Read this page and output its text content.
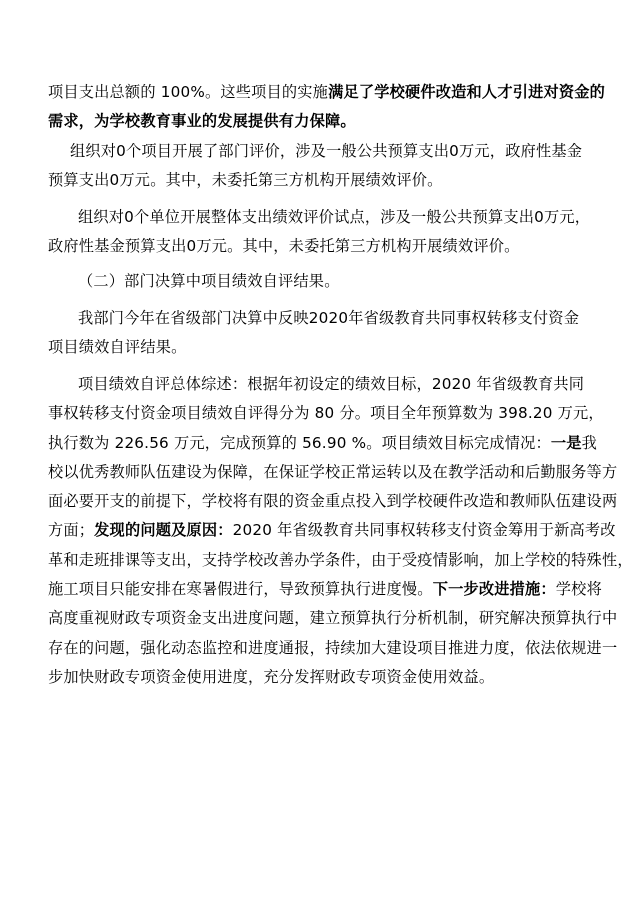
项目支出总额的 100%。这些项目的实施满足了学校硬件改造和人才引进对资金的
需求，为学校教育事业的发展提供有力保障。

组织对0个项目开展了部门评价，涉及一般公共预算支出0万元，政府性基金
预算支出0万元。其中，未委托第三方机构开展绩效评价。

组织对0个单位开展整体支出绩效评价试点，涉及一般公共预算支出0万元，
政府性基金预算支出0万元。其中，未委托第三方机构开展绩效评价。

（二）部门决算中项目绩效自评结果。

我部门今年在省级部门决算中反映2020年省级教育共同事权转移支付资金
项目绩效自评结果。

项目绩效自评总体综述：根据年初设定的绩效目标，2020 年省级教育共同
事权转移支付资金项目绩效自评得分为 80 分。项目全年预算数为 398.20 万元，
执行数为 226.56 万元，完成预算的 56.90 %。项目绩效目标完成情况：一是我
校以优秀教师队伍建设为保障，在保证学校正常运转以及在教学活动和后勤服务等方
面必要开支的前提下，学校将有限的资金重点投入到学校硬件改造和教师队伍建设两
方面；发现的问题及原因：2020 年省级教育共同事权转移支付资金筹用于新高考改
革和走班排课等支出，支持学校改善办学条件，由于受疫情影响，加上学校的特殊性，
施工项目只能安排在寒暑假进行，导致预算执行进度慢。下一步改进措施：学校将
高度重视财政专项资金支出进度问题，建立预算执行分析机制，研究解决预算执行中
存在的问题，强化动态监控和进度通报，持续加大建设项目推进力度，依法依规进一
步加快财政专项资金使用进度，充分发挥财政专项资金使用效益。
